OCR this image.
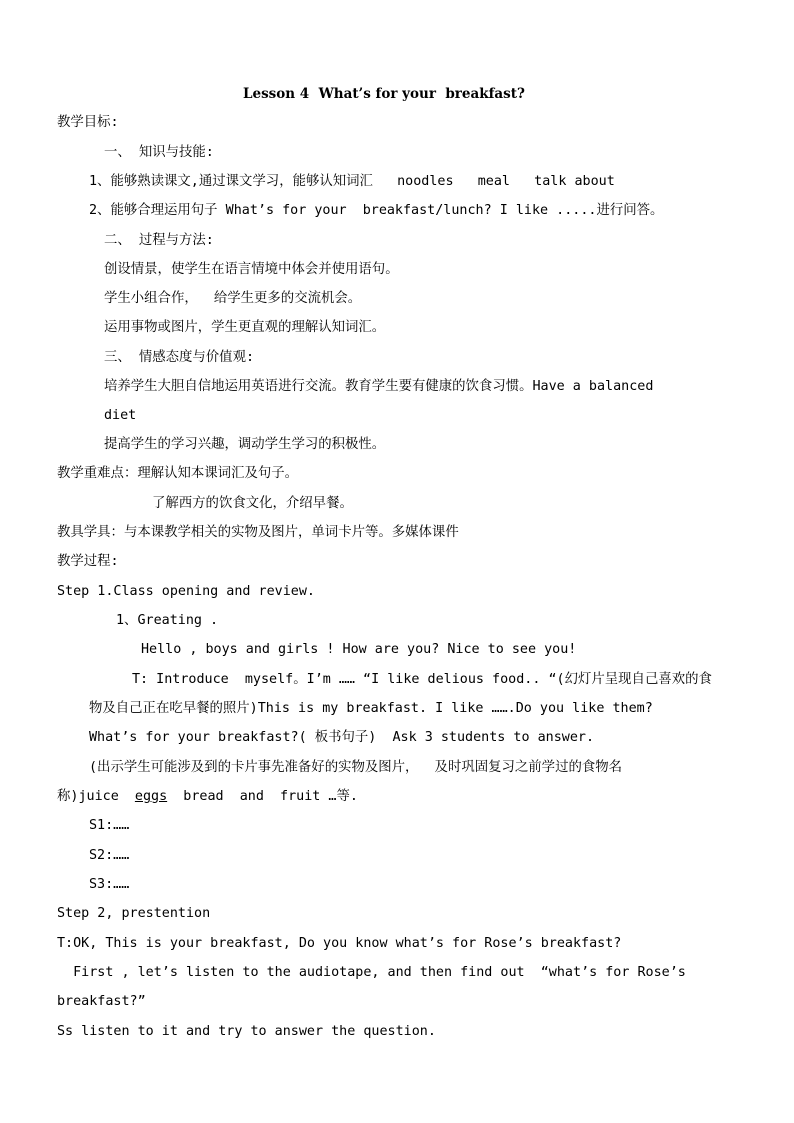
Lesson 4  What’s for your  breakfast?
教学目标:
一、 知识与技能:
1、能够熟读课文,通过课文学习，能够认知词汇   noodles   meal   talk about
2、能够合理运用句子 What’s for your  breakfast/lunch? I like .....进行问答。
二、 过程与方法:
创设情景，使学生在语言情境中体会并使用语句。
学生小组合作，  给学生更多的交流机会。
运用事物或图片，学生更直观的理解认知词汇。
三、 情感态度与价值观:
培养学生大胆自信地运用英语进行交流。教育学生要有健康的饮食习惯。Have a balanced
diet
提高学生的学习兴趣，调动学生学习的积极性。
教学重难点：理解认知本课词汇及句子。
了解西方的饮食文化，介绍早餐。
教具学具：与本课教学相关的实物及图片，单词卡片等。多媒体课件
教学过程:
Step 1.Class opening and review.
1、Greating .
Hello , boys and girls ! How are you? Nice to see you!
T: Introduce  myself。I’m …… “I like delious food.. “(幻灯片呈现自己喜欢的食
物及自己正在吃早餐的照片)This is my breakfast. I like …….Do you like them?
What’s for your breakfast?( 板书句子)  Ask 3 students to answer.
(出示学生可能涉及到的卡片事先准备好的实物及图片，  及时巩固复习之前学过的食物名
称)juice  eggs  bread  and  fruit …等.
S1:……
S2:……
S3:……
Step 2, prestention
T:OK, This is your breakfast, Do you know what’s for Rose’s breakfast?
First , let’s listen to the audiotape, and then find out  “what’s for Rose’s
breakfast?”
Ss listen to it and try to answer the question.
